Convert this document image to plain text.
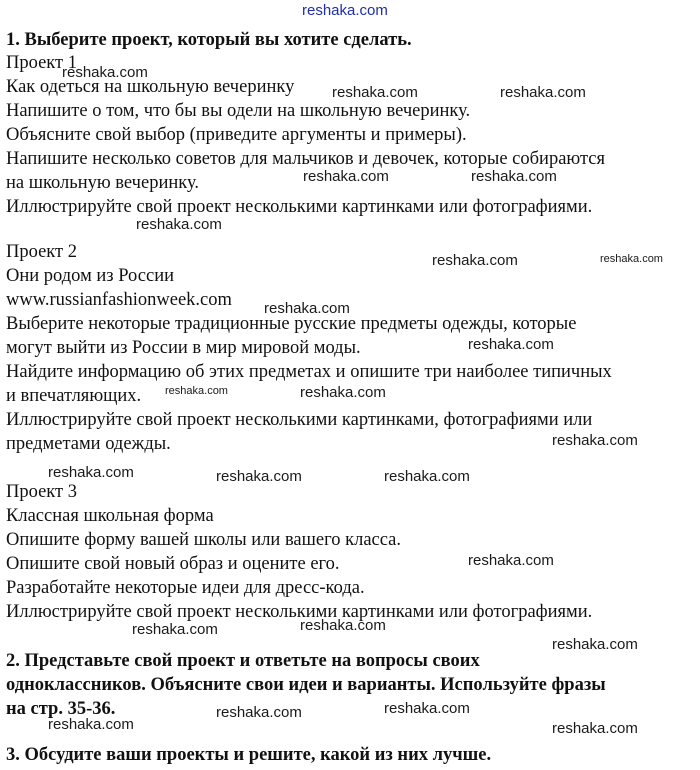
1. Выберите проект, который вы хотите сделать.
Проект 1
Как одеться на школьную вечеринку
Напишите о том, что бы вы одели на школьную вечеринку.
Объясните свой выбор (приведите аргументы и примеры).
Напишите несколько советов для мальчиков и девочек, которые собираются
на школьную вечеринку.
Иллюстрируйте свой проект несколькими картинками или фотографиями.
Проект 2
Они родом из России
www.russianfashionweek.com
Выберите некоторые традиционные русские предметы одежды, которые
могут выйти из России в мир мировой моды.
Найдите информацию об этих предметах и опишите три наиболее типичных
и впечатляющих.
Иллюстрируйте свой проект несколькими картинками, фотографиями или
предметами одежды.
Проект 3
Классная школьная форма
Опишите форму вашей школы или вашего класса.
Опишите свой новый образ и оцените его.
Разработайте некоторые идеи для дресс-кода.
Иллюстрируйте свой проект несколькими картинками или фотографиями.
2. Представьте свой проект и ответьте на вопросы своих
одноклассников. Объясните свои идеи и варианты. Используйте фразы
на стр. 35-36.
3. Обсудите ваши проекты и решите, какой из них лучше.
reshaka.com
reshaka.com
reshaka.com	reshaka.com
reshaka.com	reshaka.com
reshaka.com
reshaka.com	reshaka.com
reshaka.com
reshaka.com
reshaka.com	reshaka.com
reshaka.com
reshaka.com	reshaka.com	reshaka.com
reshaka.com
reshaka.com	reshaka.com
reshaka.com
reshaka.com	reshaka.com
reshaka.com	reshaka.com
